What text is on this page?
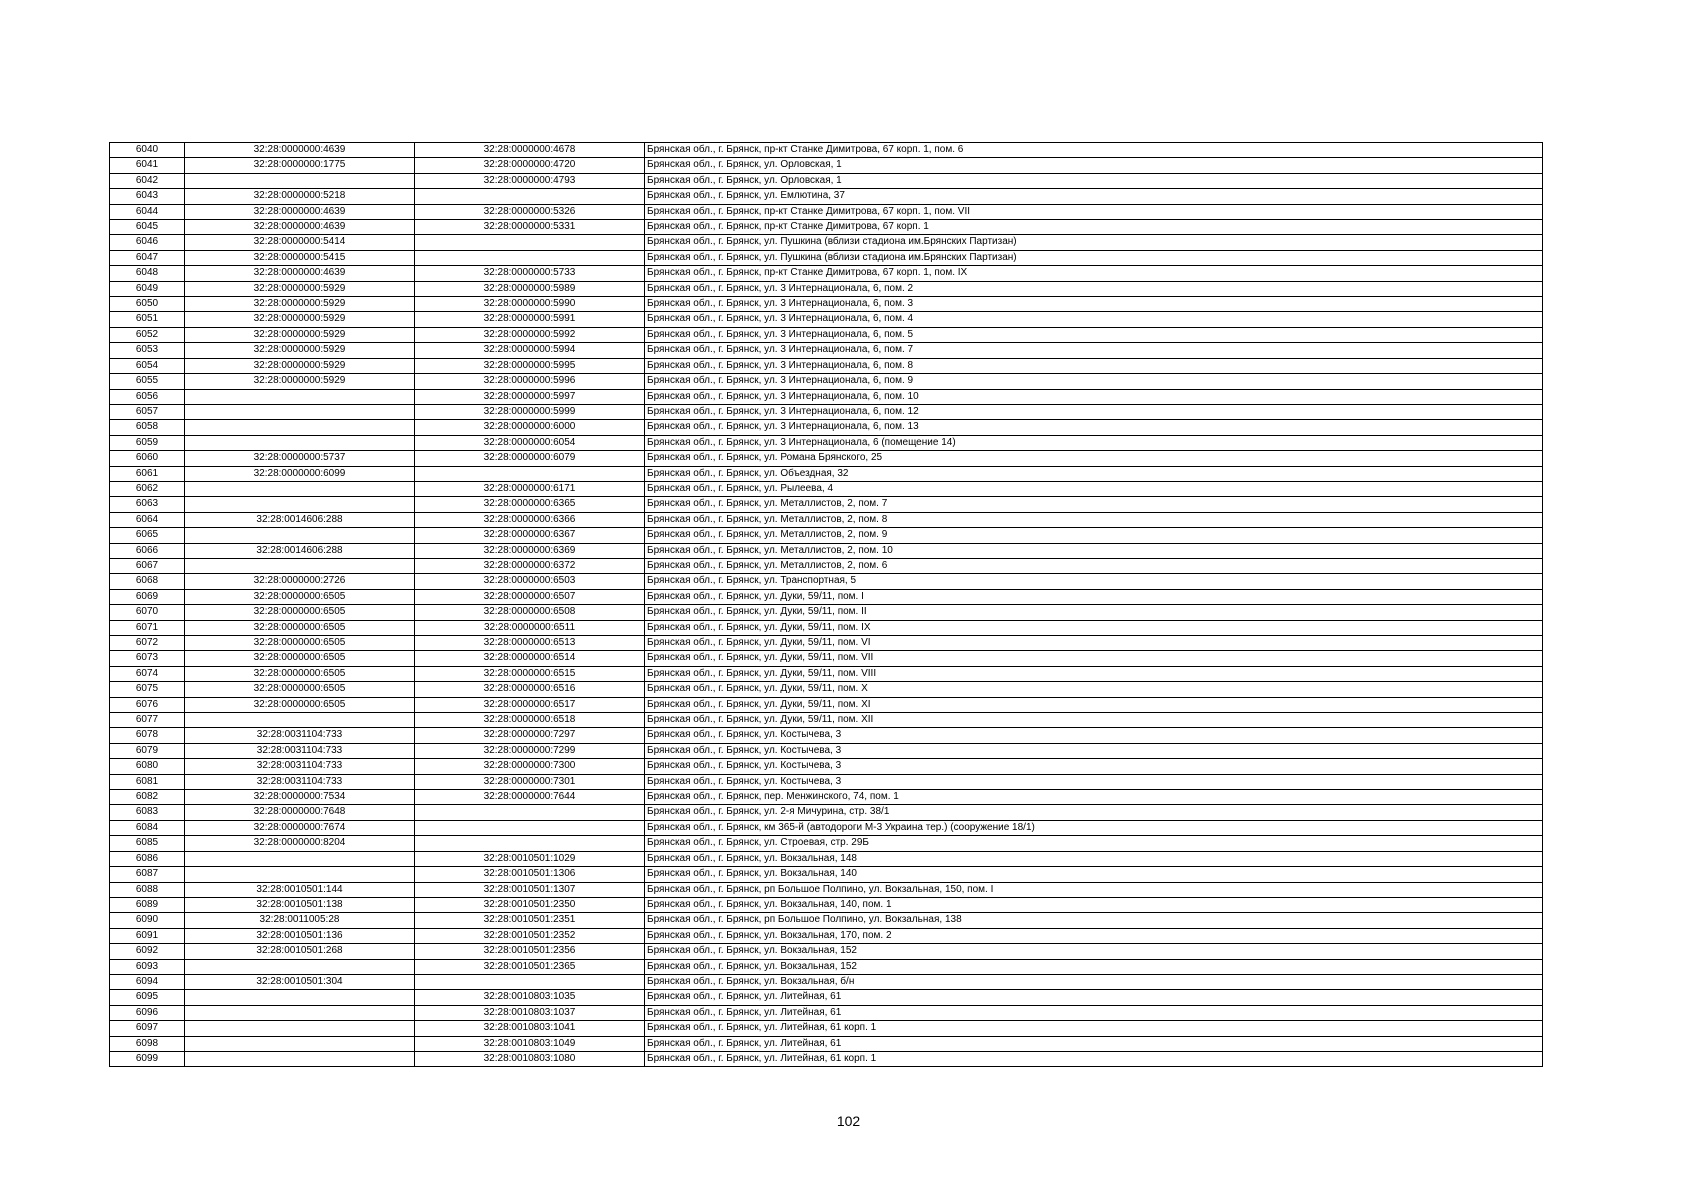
6040	32:28:0000000:4639	32:28:0000000:4678	Брянская обл., г. Брянск, пр-кт Станке Димитрова, 67 корп. 1, пом. 6
6041	32:28:0000000:1775	32:28:0000000:4720	Брянская обл., г. Брянск, ул. Орловская, 1
6042		32:28:0000000:4793	Брянская обл., г. Брянск, ул. Орловская, 1
6043	32:28:0000000:5218		Брянская обл., г. Брянск, ул. Емлютина, 37
6044	32:28:0000000:4639	32:28:0000000:5326	Брянская обл., г. Брянск, пр-кт Станке Димитрова, 67 корп. 1, пом. VII
6045	32:28:0000000:4639	32:28:0000000:5331	Брянская обл., г. Брянск, пр-кт Станке Димитрова, 67 корп. 1
6046	32:28:0000000:5414		Брянская обл., г. Брянск, ул. Пушкина (вблизи стадиона им.Брянских Партизан)
6047	32:28:0000000:5415		Брянская обл., г. Брянск, ул. Пушкина (вблизи стадиона им.Брянских Партизан)
6048	32:28:0000000:4639	32:28:0000000:5733	Брянская обл., г. Брянск, пр-кт Станке Димитрова, 67 корп. 1, пом. IX
6049	32:28:0000000:5929	32:28:0000000:5989	Брянская обл., г. Брянск, ул. 3 Интернационала, 6, пом. 2
6050	32:28:0000000:5929	32:28:0000000:5990	Брянская обл., г. Брянск, ул. 3 Интернационала, 6, пом. 3
6051	32:28:0000000:5929	32:28:0000000:5991	Брянская обл., г. Брянск, ул. 3 Интернационала, 6, пом. 4
6052	32:28:0000000:5929	32:28:0000000:5992	Брянская обл., г. Брянск, ул. 3 Интернационала, 6, пом. 5
6053	32:28:0000000:5929	32:28:0000000:5994	Брянская обл., г. Брянск, ул. 3 Интернационала, 6, пом. 7
6054	32:28:0000000:5929	32:28:0000000:5995	Брянская обл., г. Брянск, ул. 3 Интернационала, 6, пом. 8
6055	32:28:0000000:5929	32:28:0000000:5996	Брянская обл., г. Брянск, ул. 3 Интернационала, 6, пом. 9
6056		32:28:0000000:5997	Брянская обл., г. Брянск, ул. 3 Интернационала, 6, пом. 10
6057		32:28:0000000:5999	Брянская обл., г. Брянск, ул. 3 Интернационала, 6, пом. 12
6058		32:28:0000000:6000	Брянская обл., г. Брянск, ул. 3 Интернационала, 6, пом. 13
6059		32:28:0000000:6054	Брянская обл., г. Брянск, ул. 3 Интернационала, 6 (помещение 14)
6060	32:28:0000000:5737	32:28:0000000:6079	Брянская обл., г. Брянск, ул. Романа Брянского, 25
6061	32:28:0000000:6099		Брянская обл., г. Брянск, ул. Объездная, 32
6062		32:28:0000000:6171	Брянская обл., г. Брянск, ул. Рылеева, 4
6063		32:28:0000000:6365	Брянская обл., г. Брянск, ул. Металлистов, 2, пом. 7
6064	32:28:0014606:288	32:28:0000000:6366	Брянская обл., г. Брянск, ул. Металлистов, 2, пом. 8
6065		32:28:0000000:6367	Брянская обл., г. Брянск, ул. Металлистов, 2, пом. 9
6066	32:28:0014606:288	32:28:0000000:6369	Брянская обл., г. Брянск, ул. Металлистов, 2, пом. 10
6067		32:28:0000000:6372	Брянская обл., г. Брянск, ул. Металлистов, 2, пом. 6
6068	32:28:0000000:2726	32:28:0000000:6503	Брянская обл., г. Брянск, ул. Транспортная, 5
6069	32:28:0000000:6505	32:28:0000000:6507	Брянская обл., г. Брянск, ул. Дуки, 59/11, пом. I
6070	32:28:0000000:6505	32:28:0000000:6508	Брянская обл., г. Брянск, ул. Дуки, 59/11, пом. II
6071	32:28:0000000:6505	32:28:0000000:6511	Брянская обл., г. Брянск, ул. Дуки, 59/11, пом. IX
6072	32:28:0000000:6505	32:28:0000000:6513	Брянская обл., г. Брянск, ул. Дуки, 59/11, пом. VI
6073	32:28:0000000:6505	32:28:0000000:6514	Брянская обл., г. Брянск, ул. Дуки, 59/11, пом. VII
6074	32:28:0000000:6505	32:28:0000000:6515	Брянская обл., г. Брянск, ул. Дуки, 59/11, пом. VIII
6075	32:28:0000000:6505	32:28:0000000:6516	Брянская обл., г. Брянск, ул. Дуки, 59/11, пом. X
6076	32:28:0000000:6505	32:28:0000000:6517	Брянская обл., г. Брянск, ул. Дуки, 59/11, пом. XI
6077		32:28:0000000:6518	Брянская обл., г. Брянск, ул. Дуки, 59/11, пом. XII
6078	32:28:0031104:733	32:28:0000000:7297	Брянская обл., г. Брянск, ул. Костычева, 3
6079	32:28:0031104:733	32:28:0000000:7299	Брянская обл., г. Брянск, ул. Костычева, 3
6080	32:28:0031104:733	32:28:0000000:7300	Брянская обл., г. Брянск, ул. Костычева, 3
6081	32:28:0031104:733	32:28:0000000:7301	Брянская обл., г. Брянск, ул. Костычева, 3
6082	32:28:0000000:7534	32:28:0000000:7644	Брянская обл., г. Брянск, пер. Менжинского, 74, пом. 1
6083	32:28:0000000:7648		Брянская обл., г. Брянск, ул. 2-я Мичурина, стр. 38/1
6084	32:28:0000000:7674		Брянская обл., г. Брянск, км 365-й (автодороги М-3 Украина тер.) (сооружение 18/1)
6085	32:28:0000000:8204		Брянская обл., г. Брянск, ул. Строевая, стр. 29Б
6086		32:28:0010501:1029	Брянская обл., г. Брянск, ул. Вокзальная, 148
6087		32:28:0010501:1306	Брянская обл., г. Брянск, ул. Вокзальная, 140
6088	32:28:0010501:144	32:28:0010501:1307	Брянская обл., г. Брянск, рп Большое Полпино, ул. Вокзальная, 150, пом. I
6089	32:28:0010501:138	32:28:0010501:2350	Брянская обл., г. Брянск, ул. Вокзальная, 140, пом. 1
6090	32:28:0011005:28	32:28:0010501:2351	Брянская обл., г. Брянск, рп Большое Полпино, ул. Вокзальная, 138
6091	32:28:0010501:136	32:28:0010501:2352	Брянская обл., г. Брянск, ул. Вокзальная, 170, пом. 2
6092	32:28:0010501:268	32:28:0010501:2356	Брянская обл., г. Брянск, ул. Вокзальная, 152
6093		32:28:0010501:2365	Брянская обл., г. Брянск, ул. Вокзальная, 152
6094	32:28:0010501:304		Брянская обл., г. Брянск, ул. Вокзальная, б/н
6095		32:28:0010803:1035	Брянская обл., г. Брянск, ул. Литейная, 61
6096		32:28:0010803:1037	Брянская обл., г. Брянск, ул. Литейная, 61
6097		32:28:0010803:1041	Брянская обл., г. Брянск, ул. Литейная, 61 корп. 1
6098		32:28:0010803:1049	Брянская обл., г. Брянск, ул. Литейная, 61
6099		32:28:0010803:1080	Брянская обл., г. Брянск, ул. Литейная, 61 корп. 1
102
